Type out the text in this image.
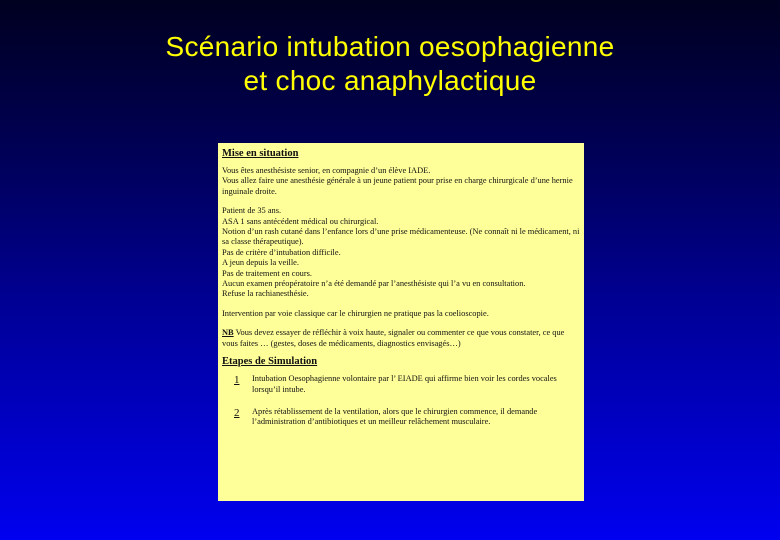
Scénario intubation oesophagienne
et choc anaphylactique

Mise en situation

Vous êtes anesthésiste senior, en compagnie d’un élève IADE.

Vous allez faire une anesthésie générale à un jeune patient pour prise en charge chirurgicale d’une hernie inguinale droite.

Patient de 35 ans.

ASA 1 sans antécédent médical ou chirurgical.

Notion d’un rash cutané dans l’enfance lors d’une prise médicamenteuse. (Ne connaît ni le médicament, ni sa classe thérapeutique).

Pas de critère d’intubation difficile.

A jeun depuis la veille.

Pas de traitement en cours.

Aucun examen préopératoire n’a été demandé par l’anesthésiste qui l’a vu en consultation.

Refuse la rachianesthésie.

Intervention par voie classique car le chirurgien ne pratique pas la coelioscopie.

NB Vous devez essayer de réfléchir à voix haute, signaler ou commenter ce que vous constater, ce que vous faites … (gestes, doses de médicaments, diagnostics envisagés…)

Etapes de Simulation

1	Intubation Oesophagienne volontaire par l’ EIADE qui affirme bien voir les cordes vocales lorsqu’il intube.
2	Après rétablissement de la ventilation, alors que le chirurgien commence, il demande l’administration d’antibiotiques et un meilleur relâchement musculaire.
